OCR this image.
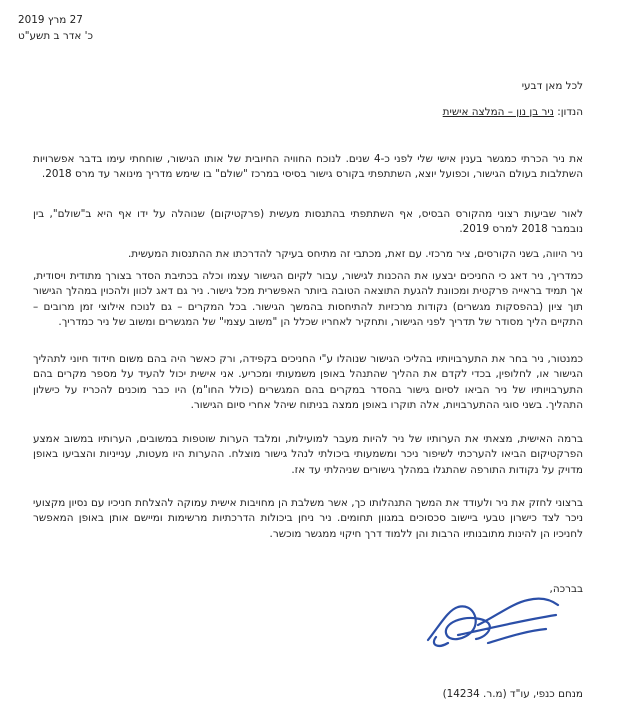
27 מרץ 2019
כ' אדר ב תשע"ט
לכל מאן דבעי
הנדון: ניר בן נון – המלצה אישית
את ניר הכרתי כמגשר בענין אישי שלי לפני כ-4 שנים. לנוכח החוויה החיובית של אותו הגישור, שוחחתי עימו בדבר אפשרויות השתלבות בעולם הגישור, וכפועל יוצא, השתתפתי בקורס גישור בסיסי במרכז "שולם" בו שימש מדריך מינואר עד מרס 2018.
לאור שביעות רצוני מהקורס הבסיס, אף השתתפתי בהתנסות מעשית (פרקטיקום) שנוהלה על ידו אף היא ב"שולם", בין נובמבר 2018 למרס 2019.
ניר היווה, בשני הקורסים, ציר מרכזי. עם זאת, מכתבי זה מתיחס בעיקר להדרכתו את ההתנסות המעשית.
כמדריך, ניר דאג כי החניכים יבצעו את ההכנות לגישור, עבור לקיום הגישור עצמו וכלה בכתיבת הסדר בצורך מתודית ויסודית, אך תמיד בראייה פרקטית ומכוונת להגעת התוצאה הטובה ביותר האפשרית מכל גישור. ניר גם דאג לכוון ולהכוין במהלך הגישור תוך ציון (בהפסקות מגשרים) נקודות מרכזיות להתיחסות בהמשך הגישור. בכל המקרים – גם לנוכח אילוצי זמן מרובים – התקיים הליך מסודר של תדריך לפני הגישור, ותחקיר לאחריו שכלל הן "משוב עצמי" של המגשרים ומשוב של ניר כמדריך.
כמנטור, ניר בחר את התערבויותיו בהליכי הגישור שנוהלו ע"י החניכים בקפידה, ורק כאשר היה בהם משום חידוד חיוני לתהליך הגישור או, לחלופין, בכדי לקדם את ההליך שהתנהל באופן משמעותי ומכריע. אני אישית יכול להעיד על מספר מקרים בהם התערבויותיו של ניר הביאו לסיום גישור בהסדר במקרים בהם המגשרים (כולל החו"מ) היו כבר מוכנים להכריז על כישלון התהליך. בשני סוגי ההתערבויות, אלה תוקרו באופן ממצה בניתוח שיהל אחרי סיום הגישור.
ברמה האישית, מצאתי את הערותיו של ניר להיות מעבר למועילות, ומלבד הערות שוטפות במשובים, הערותיו במשוב אמצע הפרקטיקום הביאו להערכתי לשיפור ניכר ומשמעותי ביכולתי לנהל גישור מוצלח. ההערות היו מעטות, ענייניות והצביעו באופן מדויק על נקודות התורפה שהתגלו במהלך גישורים שניהלתי עד אז.
ברצוני לחזק את ניר ולעודד את המשך התנהלותו כך, אשר משלבת הן מחויבות אישית עמוקה להצלחת חניכיו עם נסיון מקצועי ניכר לצד כישרון טבעי ביישוב סכסוכים במגוון תחומים. ניר ניחן ביכולות הדרכתיות מרשימות ומיישם אותן באופן המאפשר לחניכיו הן להינות מתובנותיו הרבות והן ללמוד דרך חיקוי ממגשר מוכשר.
בברכה,
מנחם כנפי, עו"ד (מ.ר. 14234)
